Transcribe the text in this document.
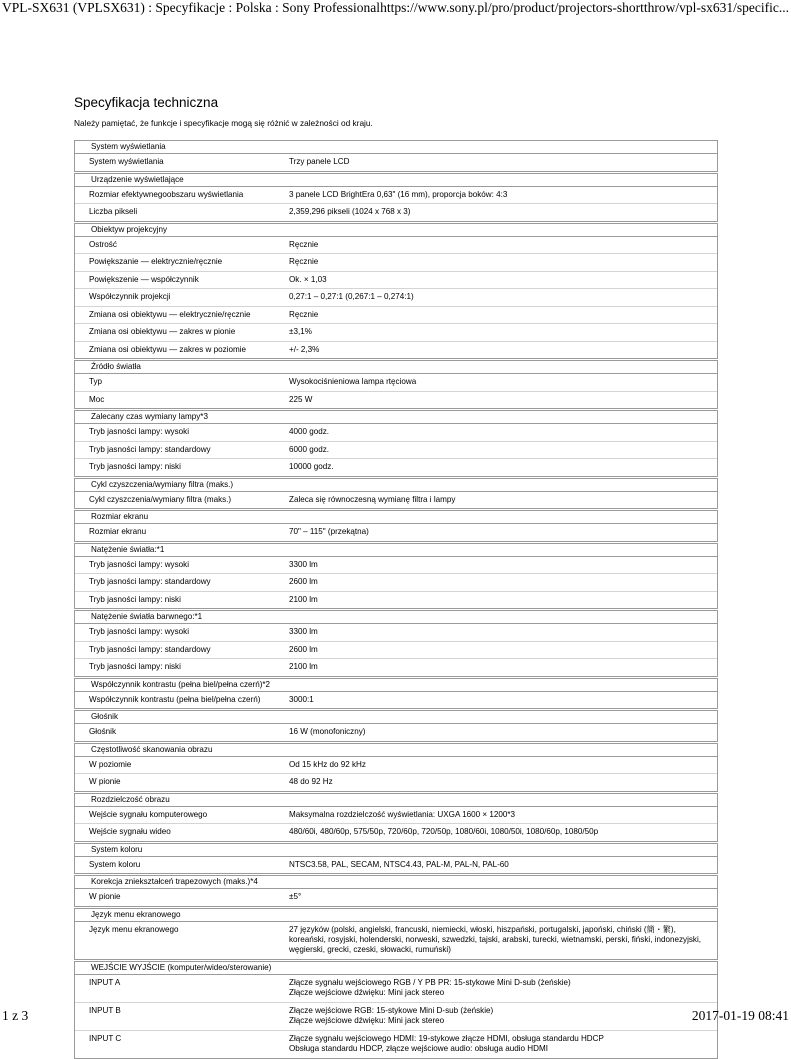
VPL-SX631 (VPLSX631) : Specyfikacje : Polska : Sony Professional https://www.sony.pl/pro/product/projectors-shortthrow/vpl-sx631/specific...
Specyfikacja techniczna
Należy pamiętać, że funkcje i specyfikacje mogą się różnić w zależności od kraju.
System wyświetlania
System wyświetlania	Trzy panele LCD
Urządzenie wyświetlające
Rozmiar efektywnegoobszaru wyświetlania	3 panele LCD BrightEra 0,63" (16 mm), proporcja boków: 4:3
Liczba pikseli	2,359,296 pikseli (1024 x 768 x 3)
Obiektyw projekcyjny
Ostrość	Ręcznie
Powiększanie — elektrycznie/ręcznie	Ręcznie
Powiększenie — współczynnik	Ok. × 1,03
Współczynnik projekcji	0,27:1 – 0,27:1 (0,267:1 – 0,274:1)
Zmiana osi obiektywu — elektrycznie/ręcznie	Ręcznie
Zmiana osi obiektywu — zakres w pionie	±3,1%
Zmiana osi obiektywu — zakres w poziomie	+/- 2,3%
Źródło światła
Typ	Wysokociśnieniowa lampa rtęciowa
Moc	225 W
Zalecany czas wymiany lampy*3
Tryb jasności lampy: wysoki	4000 godz.
Tryb jasności lampy: standardowy	6000 godz.
Tryb jasności lampy: niski	10000 godz.
Cykl czyszczenia/wymiany filtra (maks.)
Cykl czyszczenia/wymiany filtra (maks.)	Zaleca się równoczesną wymianę filtra i lampy
Rozmiar ekranu
Rozmiar ekranu	70" – 115" (przekątna)
Natężenie światła:*1
Tryb jasności lampy: wysoki	3300 lm
Tryb jasności lampy: standardowy	2600 lm
Tryb jasności lampy: niski	2100 lm
Natężenie światła barwnego:*1
Tryb jasności lampy: wysoki	3300 lm
Tryb jasności lampy: standardowy	2600 lm
Tryb jasności lampy: niski	2100 lm
Współczynnik kontrastu (pełna biel/pełna czerń)*2
Współczynnik kontrastu (pełna biel/pełna czerń)	3000:1
Głośnik
Głośnik	16 W (monofoniczny)
Częstotliwość skanowania obrazu
W poziomie	Od 15 kHz do 92 kHz
W pionie	48 do 92 Hz
Rozdzielczość obrazu
Wejście sygnału komputerowego	Maksymalna rozdzielczość wyświetlania: UXGA 1600 × 1200*3
Wejście sygnału wideo	480/60i, 480/60p, 575/50p, 720/60p, 720/50p, 1080/60i, 1080/50i, 1080/60p, 1080/50p
System koloru
System koloru	NTSC3.58, PAL, SECAM, NTSC4.43, PAL-M, PAL-N, PAL-60
Korekcja zniekształceń trapezowych (maks.)*4
W pionie	±5°
Język menu ekranowego
Język menu ekranowego	27 języków (polski, angielski, francuski, niemiecki, włoski, hiszpański, portugalski, japoński, chiński (簡・繁), koreański, rosyjski, holenderski, norweski, szwedzki, tajski, arabski, turecki, wietnamski, perski, fiński, indonezyjski, węgierski, grecki, czeski, słowacki, rumuński)
WEJŚCIE WYJŚCIE (komputer/wideo/sterowanie)
INPUT A	Złącze sygnału wejściowego RGB / Y PB PR: 15-stykowe Mini D-sub (żeńskie)
Złącze wejściowe dźwięku: Mini jack stereo
INPUT B	Złącze wejściowe RGB: 15-stykowe Mini D-sub (żeńskie)
Złącze wejściowe dźwięku: Mini jack stereo
INPUT C	Złącze sygnału wejściowego HDMI: 19-stykowe złącze HDMI, obsługa standardu HDCP
Obsługa standardu HDCP, złącze wejściowe audio: obsługa audio HDMI
1 z 3	2017-01-19 08:41
